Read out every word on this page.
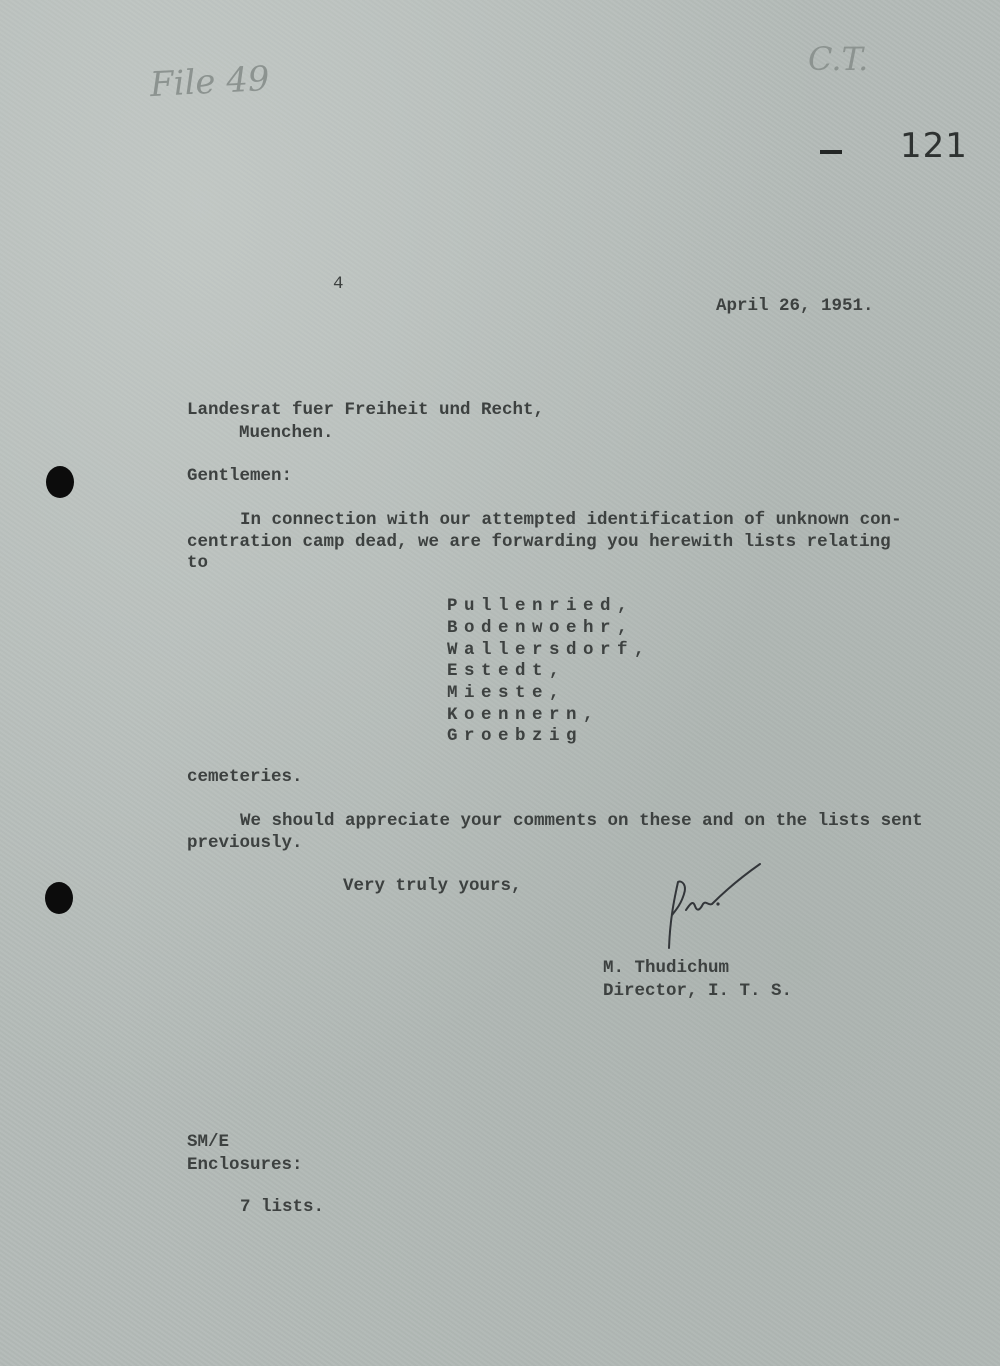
File 49	C.T.
121
4
April 26, 1951.
Landesrat fuer Freiheit und Recht,
Muenchen.
Gentlemen:
In connection with our attempted identification of unknown con-
centration camp dead, we are forwarding you herewith lists relating
to
Pullenried,
Bodenwoehr,
Wallersdorf,
Estedt,
Mieste,
Koennern,
Groebzig
cemeteries.
We should appreciate your comments on these and on the lists sent
previously.
Very truly yours,
M. Thudichum
Director, I. T. S.
SM/E
Enclosures:
7 lists.
